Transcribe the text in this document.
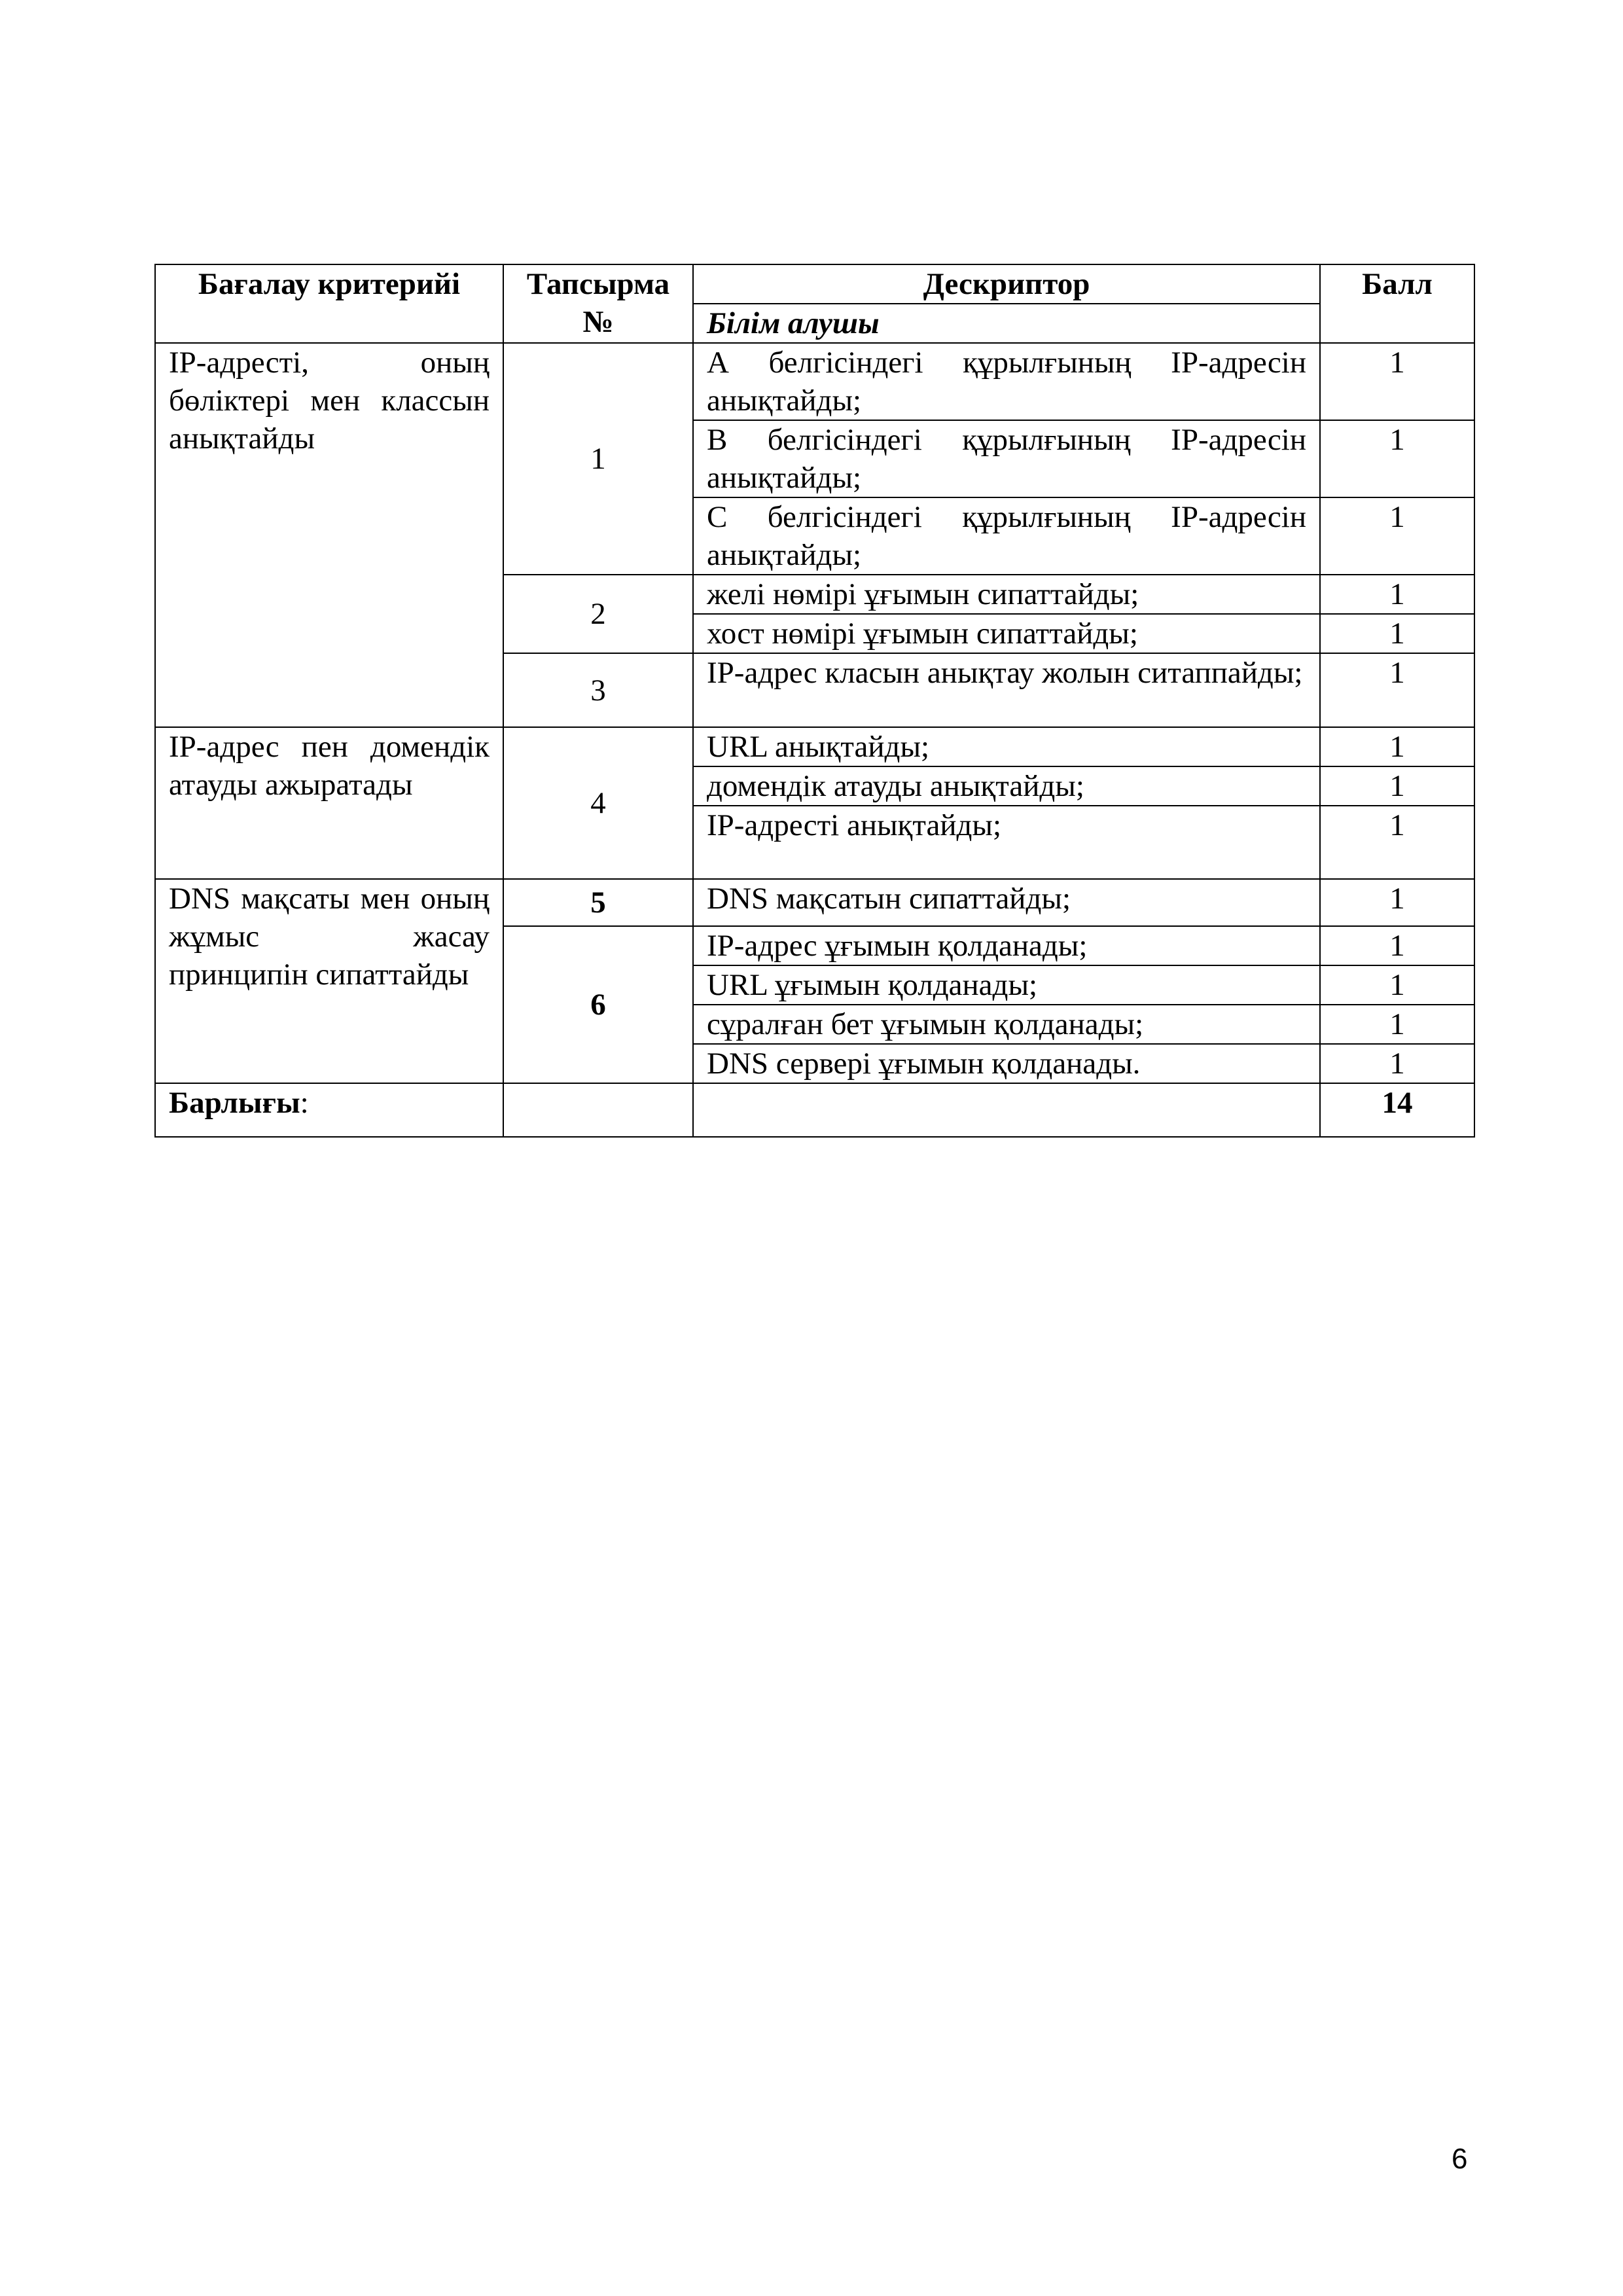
Бағалау критерийі	Тапсырма №	Дескриптор	Балл
		Білім алушы	
IP-адресті, оның бөліктері мен классын анықтайды	1	А белгісіндегі құрылғының IP-адресін анықтайды;	1
		В белгісіндегі құрылғының IP-адресін анықтайды;	1
		С белгісіндегі құрылғының IP-адресін анықтайды;	1
	2	желі нөмірі ұғымын сипаттайды;	1
		хост нөмірі ұғымын сипаттайды;	1
	3	IP-адрес класын анықтау жолын ситаппайды;	1
IP-адрес пен домендік атауды ажыратады	4	URL анықтайды;	1
		домендік атауды анықтайды;	1
		IP-адресті анықтайды;	1
DNS мақсаты мен оның жұмыс жасау принципін сипаттайды	5	DNS мақсатын сипаттайды;	1
	6	IP-адрес ұғымын қолданады;	1
		URL ұғымын қолданады;	1
		сұралған бет ұғымын қолданады;	1
		DNS сервері ұғымын қолданады.	1
Барлығы:			14
6
